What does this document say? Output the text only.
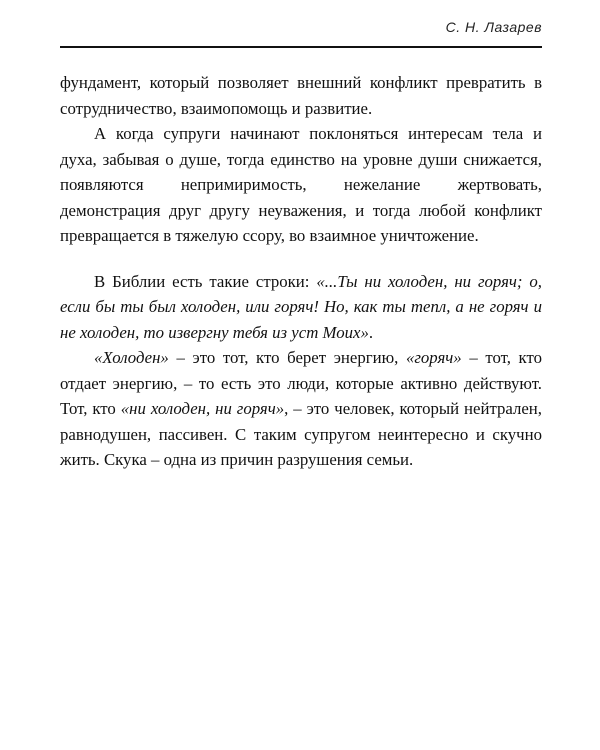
С. Н. Лазарев

фундамент, который позволяет внешний конфликт превратить в сотрудничество, взаимопомощь и развитие.

А когда супруги начинают поклоняться интересам тела и духа, забывая о душе, тогда единство на уровне души снижается, появляются непримиримость, нежелание жертвовать, демонстрация друг другу неуважения, и тогда любой конфликт превращается в тяжелую ссору, во взаимное уничтожение.

В Библии есть такие строки: «...Ты ни холоден, ни горяч; о, если бы ты был холоден, или горяч! Но, как ты тепл, а не горяч и не холоден, то извергну тебя из уст Моих».

«Холоден» – это тот, кто берет энергию, «горяч» – тот, кто отдает энергию, – то есть это люди, которые активно действуют. Тот, кто «ни холоден, ни горяч», – это человек, который нейтрален, равнодушен, пассивен. С таким супругом неинтересно и скучно жить. Скука – одна из причин разрушения семьи.
